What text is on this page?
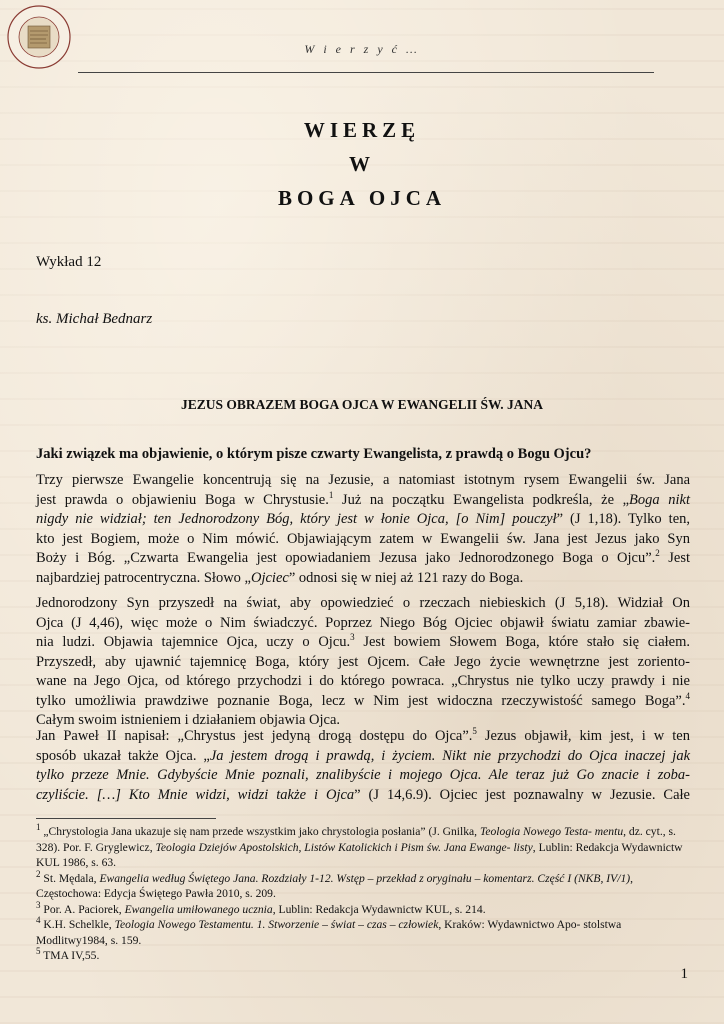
W i e r z y ć …
WIERZĘ
W
BOGA OJCA
Wykład 12
ks. Michał Bednarz
JEZUS OBRAZEM BOGA OJCA W EWANGELII ŚW. JANA
Jaki związek ma objawienie, o którym pisze czwarty Ewangelista, z prawdą o Bogu Ojcu?
Trzy pierwsze Ewangelie koncentrują się na Jezusie, a natomiast istotnym rysem Ewangelii św. Jana
jest prawda o objawieniu Boga w Chrystusie.$^1$ Już na początku Ewangelista podkreśla, że „Boga nikt
nigdy nie widział; ten Jednorodzony Bóg, który jest w łonie Ojca, [o Nim] pouczył” (J 1,18). Tylko ten,
kto jest Bogiem, może o Nim mówić. Objawiającym zatem w Ewangelii św. Jana jest Jezus jako Syn
Boży i Bóg. „Czwarta Ewangelia jest opowiadaniem Jezusa jako Jednorodzonego Boga o Ojcu”.$^2$ Jest
najbardziej patrocentryczna. Słowo „Ojciec” odnosi się w niej aż 121 razy do Boga.
Jednorodzony Syn przyszedł na świat, aby opowiedzieć o rzeczach niebieskich (J 5,18). Widział On
Ojca (J 4,46), więc może o Nim świadczyć. Poprzez Niego Bóg Ojciec objawił światu zamiar zbawie-
nia ludzi. Objawia tajemnice Ojca, uczy o Ojcu.$^3$ Jest bowiem Słowem Boga, które stało się ciałem.
Przyszedł, aby ujawnić tajemnicę Boga, który jest Ojcem. Całe Jego życie wewnętrzne jest zoriento-
wane na Jego Ojca, od którego przychodzi i do którego powraca. „Chrystus nie tylko uczy prawdy i nie
tylko umożliwia prawdziwe poznanie Boga, lecz w Nim jest widoczna rzeczywistość samego Boga”.$^4$
Całym swoim istnieniem i działaniem objawia Ojca.
Jan Paweł II napisał: „Chrystus jest jedyną drogą dostępu do Ojca”.$^5$ Jezus objawił, kim jest, i w ten
sposób ukazał także Ojca. „Ja jestem drogą i prawdą, i życiem. Nikt nie przychodzi do Ojca inaczej jak
tylko przeze Mnie. Gdybyście Mnie poznali, znalibyście i mojego Ojca. Ale teraz już Go znacie i zoba-
czyliście. […] Kto Mnie widzi, widzi także i Ojca” (J 14,6.9). Ojciec jest poznawalny w Jezusie. Całe
$^1$ „Chrystologia Jana ukazuje się nam przede wszystkim jako chrystologia posłania” (J. Gnilka, Teologia Nowego Testa- mentu, dz. cyt., s. 328). Por. F. Gryglewicz, Teologia Dziejów Apostolskich, Listów Katolickich i Pism św. Jana Ewange- listy, Lublin: Redakcja Wydawnictw KUL 1986, s. 63.
$^2$ St. Mędala, Ewangelia według Świętego Jana. Rozdziały 1-12. Wstęp – przekład z oryginału – komentarz. Część I (NKB, IV/1), Częstochowa: Edycja Świętego Pawła 2010, s. 209.
$^3$ Por. A. Paciorek, Ewangelia umiłowanego ucznia, Lublin: Redakcja Wydawnictw KUL, s. 214.
$^4$ K.H. Schelkle, Teologia Nowego Testamentu. 1. Stworzenie – świat – czas – człowiek, Kraków: Wydawnictwo Apo- stolstwa Modlitwy1984, s. 159.
$^5$ TMA IV,55.
1
